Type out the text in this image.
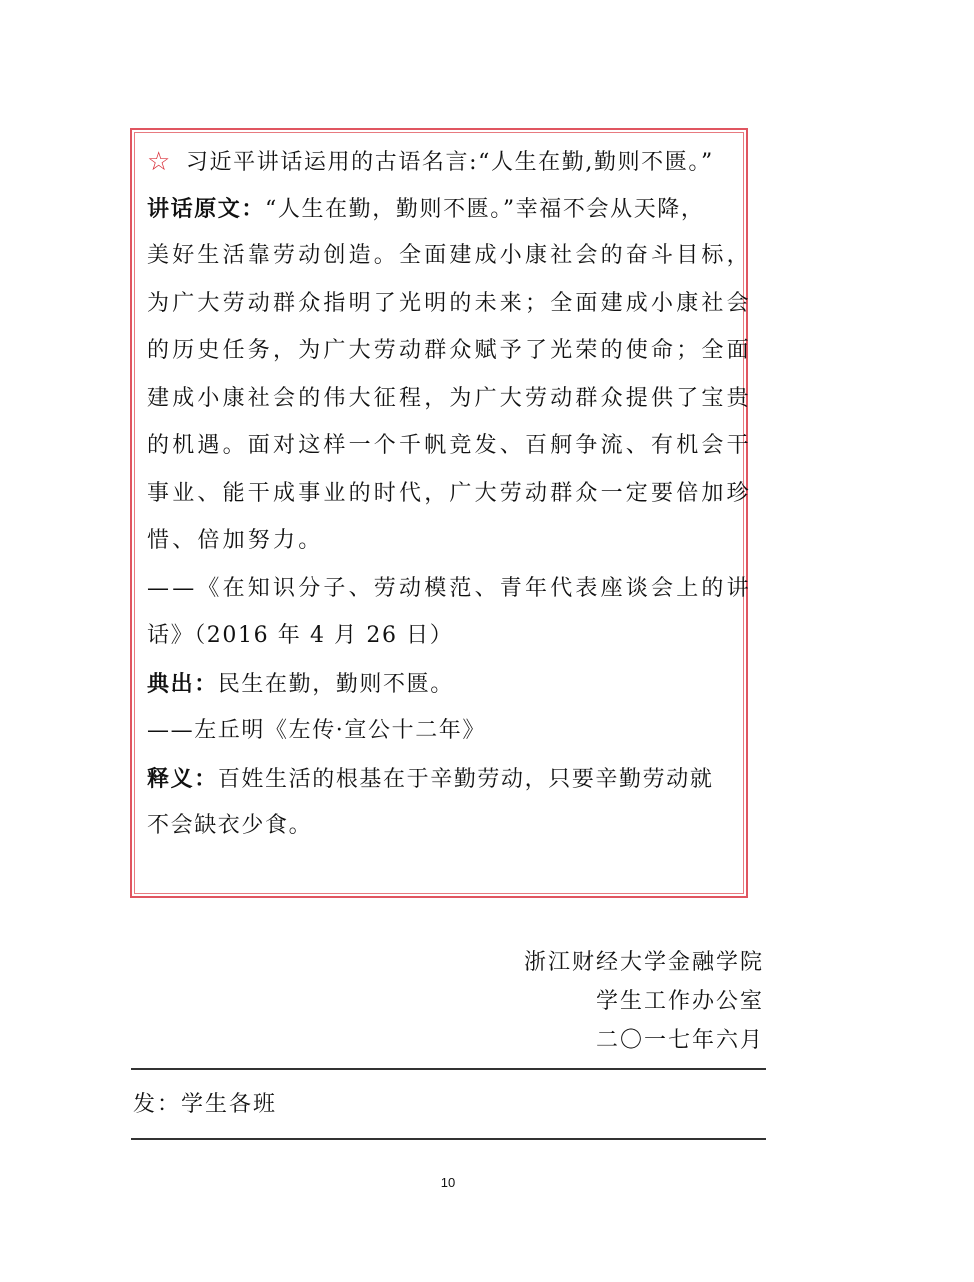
☆ 习近平讲话运用的古语名言:“人生在勤,勤则不匮。”
讲话原文：“人生在勤，勤则不匮。”幸福不会从天降，
美好生活靠劳动创造。全面建成小康社会的奋斗目标，
为广大劳动群众指明了光明的未来；全面建成小康社会
的历史任务，为广大劳动群众赋予了光荣的使命；全面
建成小康社会的伟大征程，为广大劳动群众提供了宝贵
的机遇。面对这样一个千帆竞发、百舸争流、有机会干
事业、能干成事业的时代，广大劳动群众一定要倍加珍
惜、倍加努力。
——《在知识分子、劳动模范、青年代表座谈会上的讲
话》（2016 年 4 月 26 日）
典出：民生在勤，勤则不匮。
——左丘明《左传·宣公十二年》
释义：百姓生活的根基在于辛勤劳动，只要辛勤劳动就
不会缺衣少食。
浙江财经大学金融学院
学生工作办公室
二〇一七年六月
发：学生各班
10
